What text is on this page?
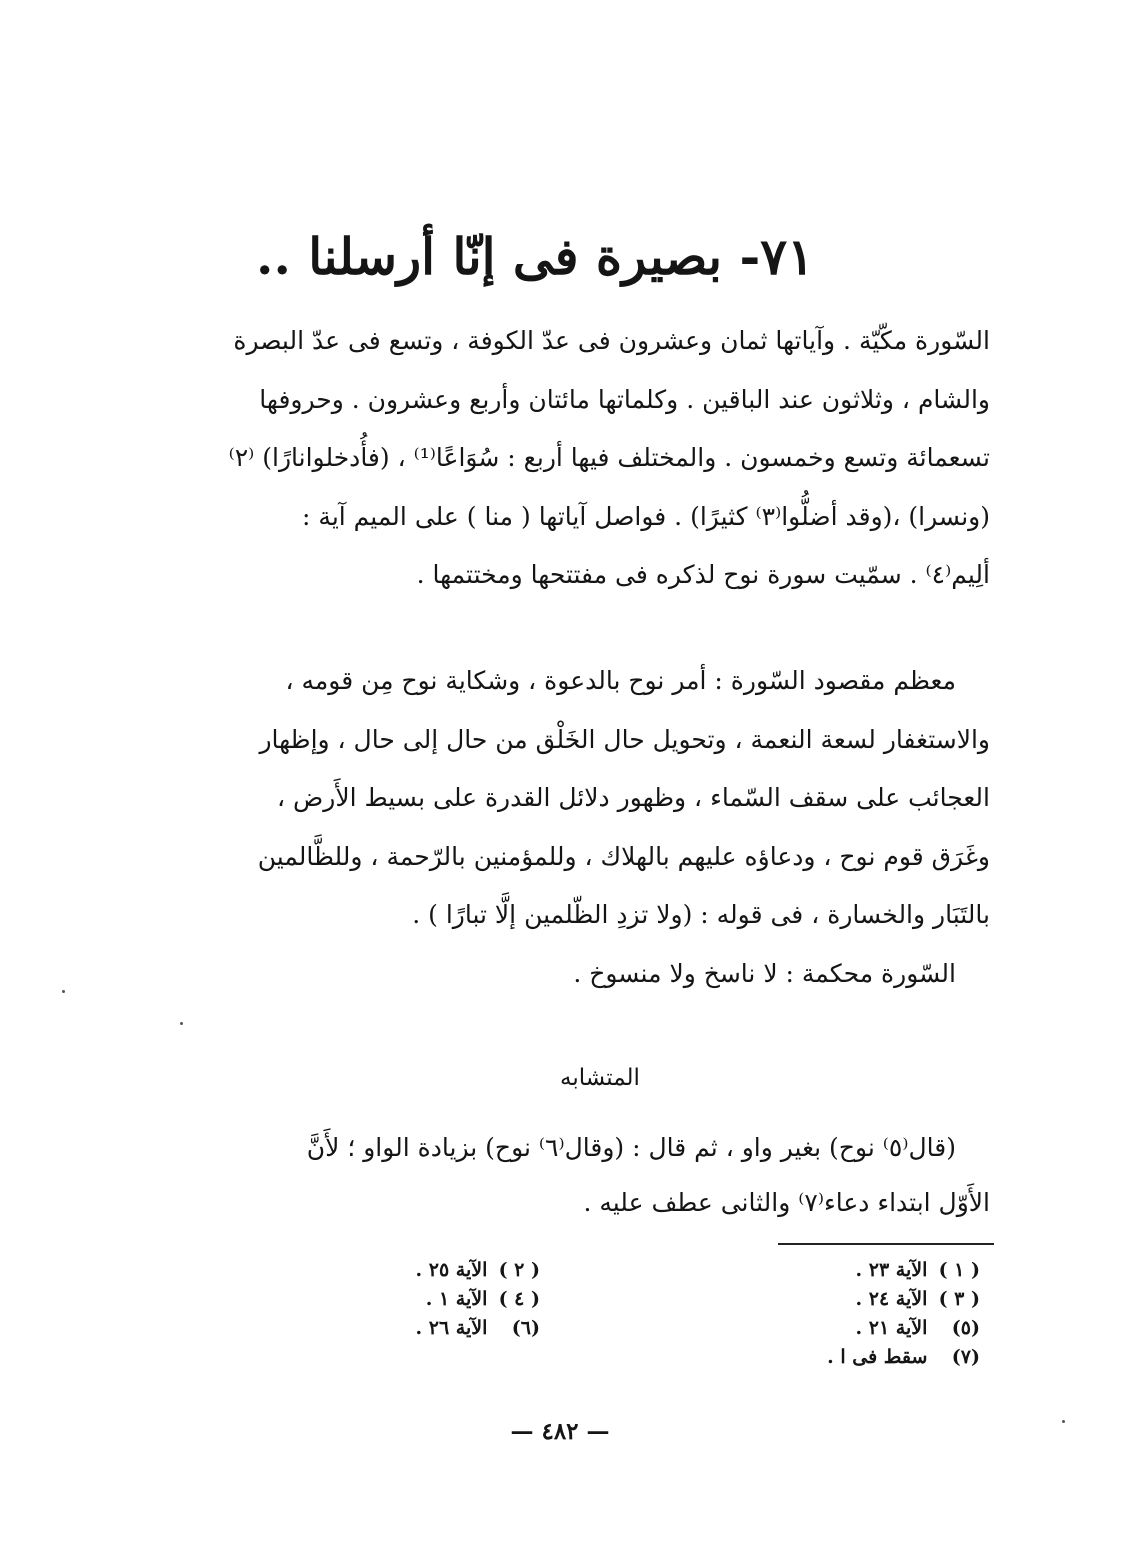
٧١- بصيرة فى إنّا أرسلنا ..
السّورة مكّيّة . وآياتها ثمان وعشرون فى عدّ الكوفة ، وتسع فى عدّ البصرة
والشام ، وثلاثون عند الباقين . وكلماتها مائتان وأربع وعشرون . وحروفها
تسعمائة وتسع وخمسون . والمختلف فيها أربع : سُوَاعًا⁽¹⁾ ، (فأُدخلوانارًا) ⁽٢⁾
(ونسرا) ،(وقد أضلُّوا⁽٣⁾ كثيرًا) . فواصل آياتها ( منا ) على الميم آية :
ألِيم⁽٤⁾ . سمّيت سورة نوح لذكره فى مفتتحها ومختتمها .
معظم مقصود السّورة : أمر نوح بالدعوة ، وشكاية نوح مِن قومه ،
والاستغفار لسعة النعمة ، وتحويل حال الخَلْق من حال إلى حال ، وإظهار
العجائب على سقف السّماء ، وظهور دلائل القدرة على بسيط الأَرض ،
وغَرَق قوم نوح ، ودعاؤه عليهم بالهلاك ، وللمؤمنين بالرّحمة ، وللظَّالمين
بالتَبَار والخسارة ، فى قوله : (ولا تزدِ الظّلمين إلَّا تبارًا ) .
السّورة محكمة : لا ناسخ ولا منسوخ .
المتشابه
(قال⁽٥⁾ نوح) بغير واو ، ثم قال : (وقال⁽٦⁾ نوح) بزيادة الواو ؛ لأَنَّ
الأَوّل ابتداء دعاء⁽٧⁾ والثانى عطف عليه .
( ١ ) الآية ٢٣ .
( ٣ ) الآية ٢٤ .
(٥) الآية ٢١ .
(٧) سقط فى ا .
( ٢ ) الآية ٢٥ .
( ٤ ) الآية ١ .
(٦) الآية ٢٦ .
— ٤٨٢ —
